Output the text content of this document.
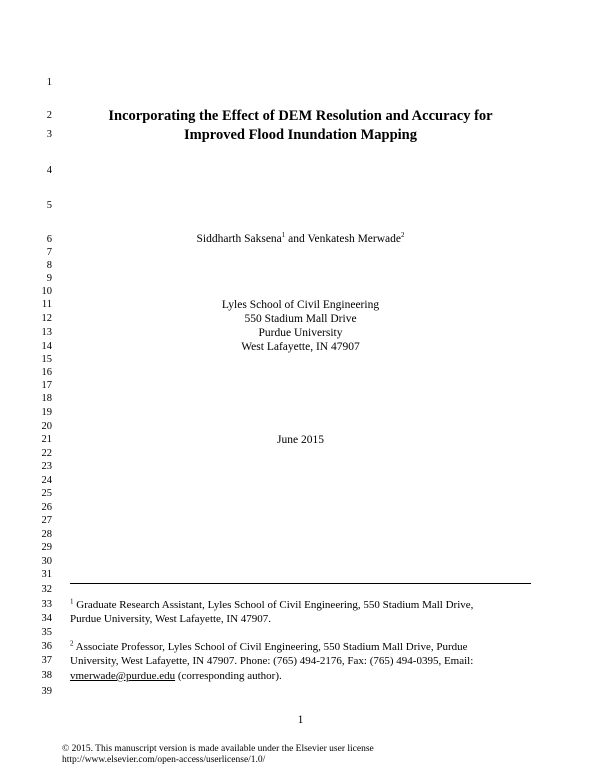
1
2
3
4
5
6
7
8
9
10
11
12
13
14
15
16
17
18
19
20
21
22
23
24
25
26
27
28
29
30
31
32
33
34
35
36
37
38
39
Incorporating the Effect of DEM Resolution and Accuracy for
Improved Flood Inundation Mapping
Siddharth Saksena$^1$ and Venkatesh Merwade$^2$
Lyles School of Civil Engineering
550 Stadium Mall Drive
Purdue University
West Lafayette, IN 47907
June 2015
$^1$ Graduate Research Assistant, Lyles School of Civil Engineering, 550 Stadium Mall Drive,
Purdue University, West Lafayette, IN 47907.
$^2$ Associate Professor, Lyles School of Civil Engineering, 550 Stadium Mall Drive, Purdue
University, West Lafayette, IN 47907. Phone: (765) 494-2176, Fax: (765) 494-0395, Email:
vmerwade@purdue.edu (corresponding author).
1
© 2015. This manuscript version is made available under the Elsevier user license
http://www.elsevier.com/open-access/userlicense/1.0/
